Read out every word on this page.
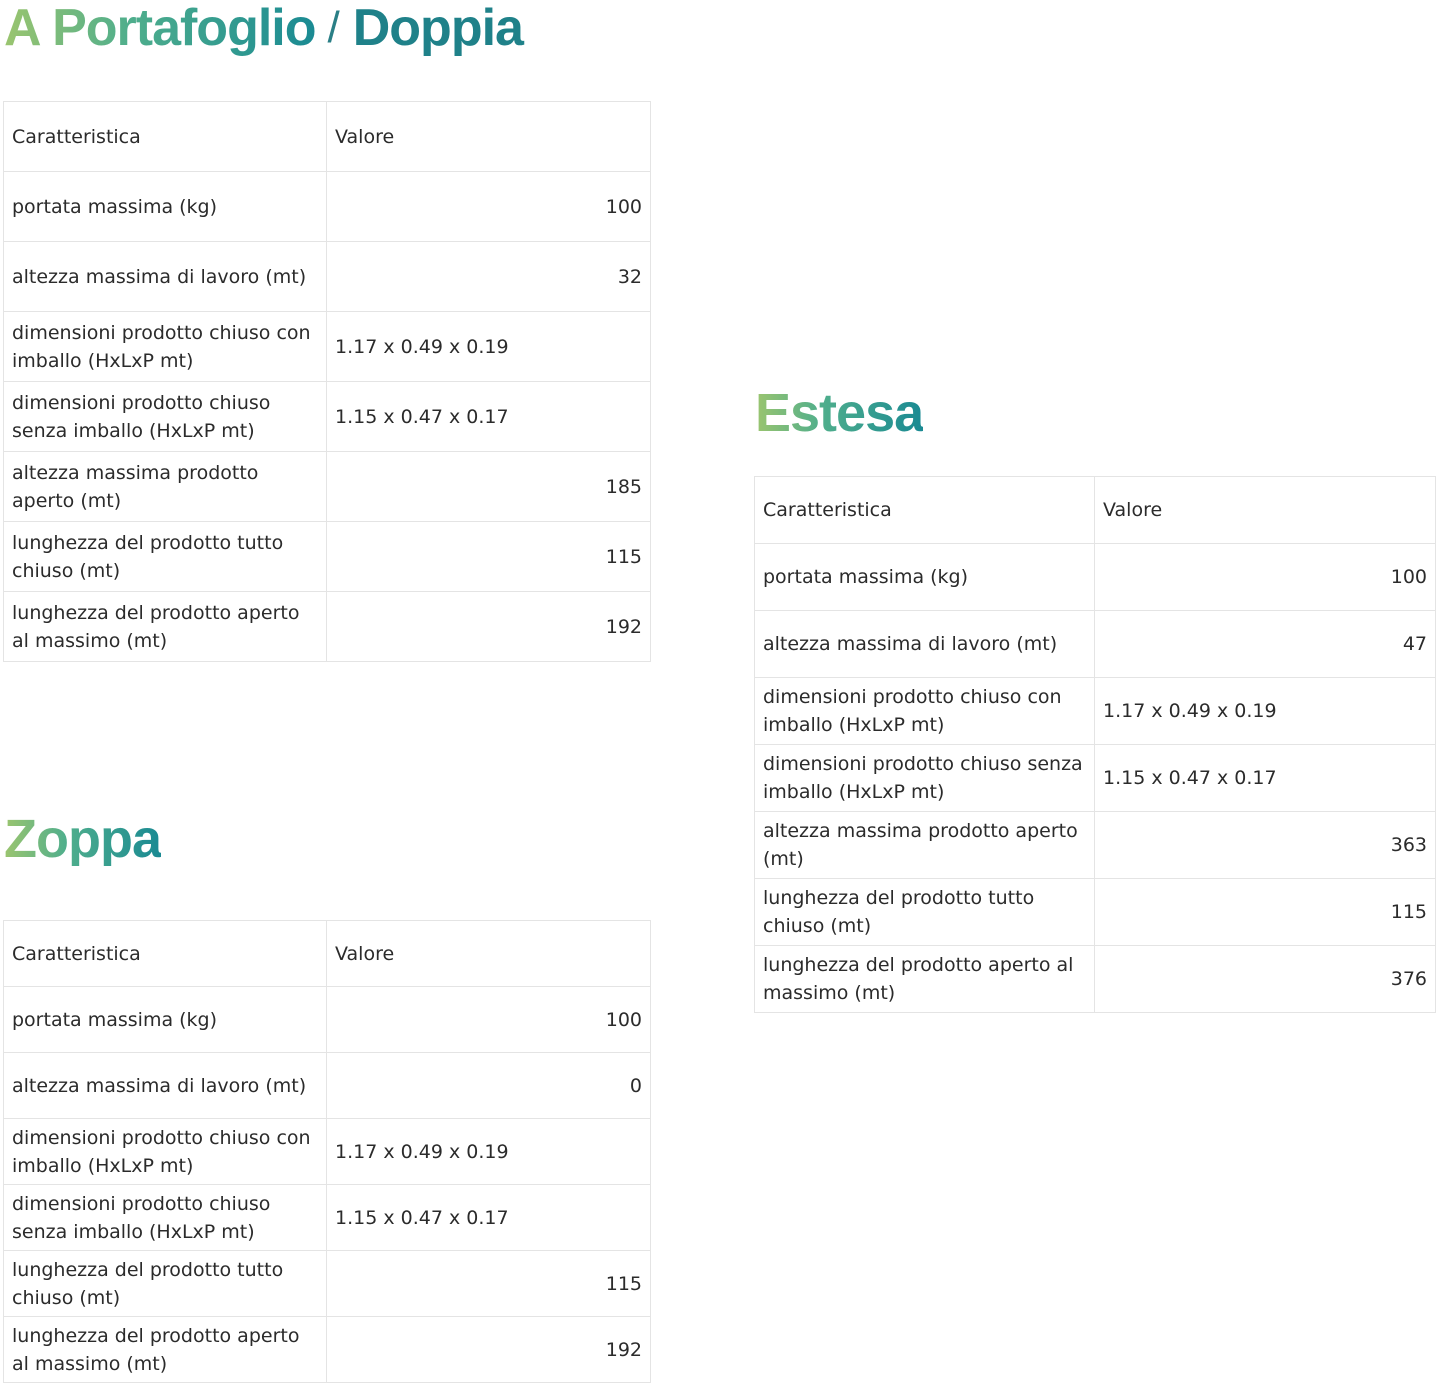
A Portafoglio / Doppia
Caratteristica	Valore
portata massima (kg)	100
altezza massima di lavoro (mt)	32
dimensioni prodotto chiuso con imballo (HxLxP mt)	1.17 x 0.49 x 0.19
dimensioni prodotto chiuso senza imballo (HxLxP mt)	1.15 x 0.47 x 0.17
altezza massima prodotto aperto (mt)	185
lunghezza del prodotto tutto chiuso (mt)	115
lunghezza del prodotto aperto al massimo (mt)	192
Estesa
Caratteristica	Valore
portata massima (kg)	100
altezza massima di lavoro (mt)	47
dimensioni prodotto chiuso con imballo (HxLxP mt)	1.17 x 0.49 x 0.19
dimensioni prodotto chiuso senza imballo (HxLxP mt)	1.15 x 0.47 x 0.17
altezza massima prodotto aperto (mt)	363
lunghezza del prodotto tutto chiuso (mt)	115
lunghezza del prodotto aperto al massimo (mt)	376
Zoppa
Caratteristica	Valore
portata massima (kg)	100
altezza massima di lavoro (mt)	0
dimensioni prodotto chiuso con imballo (HxLxP mt)	1.17 x 0.49 x 0.19
dimensioni prodotto chiuso senza imballo (HxLxP mt)	1.15 x 0.47 x 0.17
lunghezza del prodotto tutto chiuso (mt)	115
lunghezza del prodotto aperto al massimo (mt)	192
